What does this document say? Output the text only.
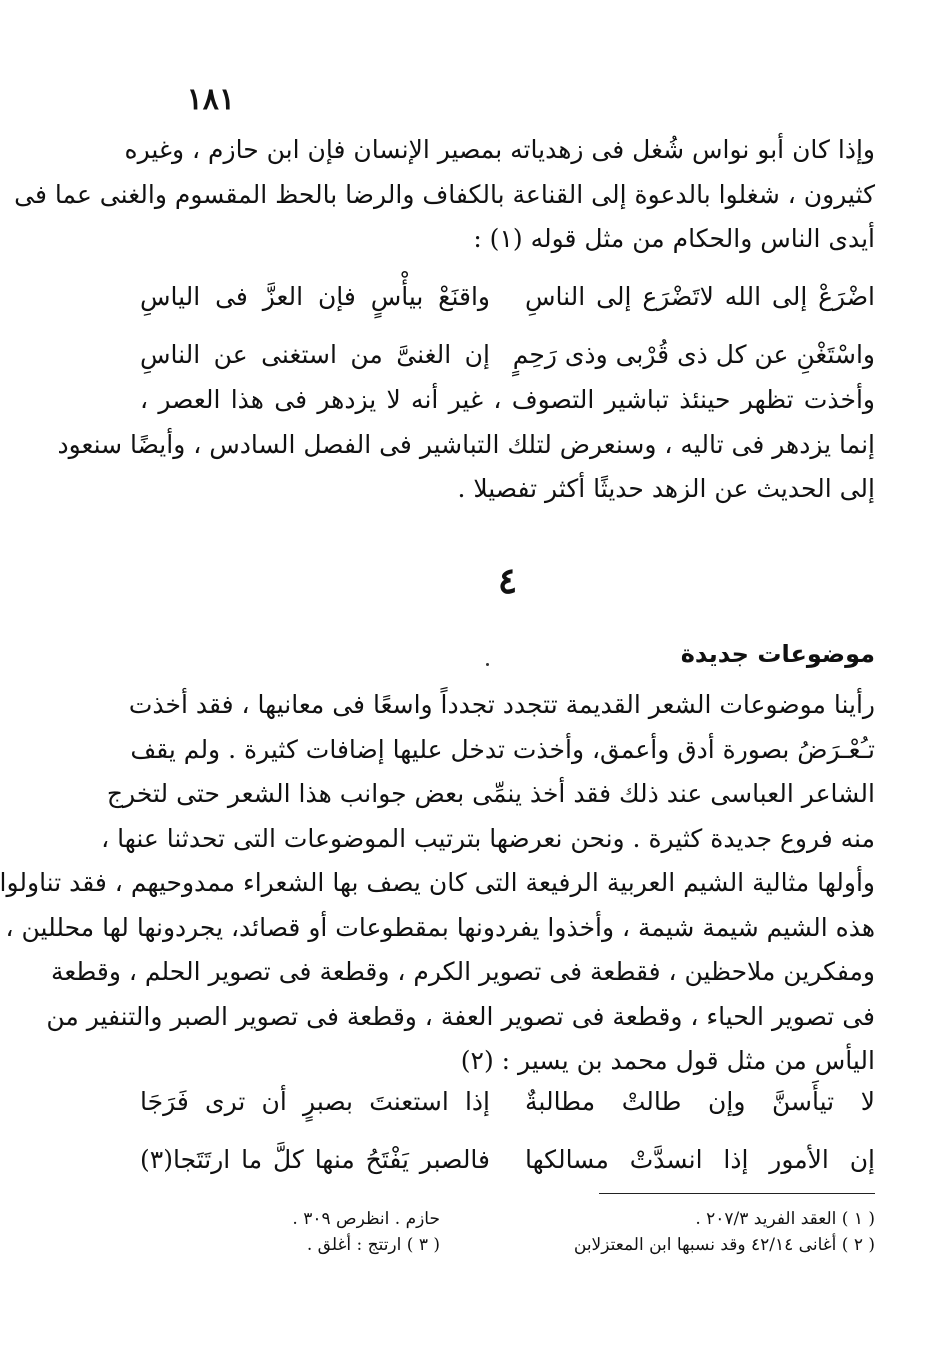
١٨١
وإذا كان أبو نواس شُغل فى زهدياته بمصير الإنسان فإن ابن حازم ، وغيره
كثيرون ، شغلوا بالدعوة إلى القناعة بالكفاف والرضا بالحظ المقسوم والغنى عما فى
أيدى الناس والحكام من مثل قوله (١) :
اضْرَعْ إلى الله لاتَضْرَع إلى الناسِ
واقنَعْ بيأْسٍ فإن العزَّ فى الياسِ
واسْتَغْنِ عن كل ذى قُرْبى وذى رَحِمٍ
إن الغنىَّ من استغنى عن الناسِ
وأخذت تظهر حينئذ تباشير التصوف ، غير أنه لا يزدهر فى هذا العصر ،
إنما يزدهر فى تاليه ، وسنعرض لتلك التباشير فى الفصل السادس ، وأيضًا سنعود
إلى الحديث عن الزهد حديثًا أكثر تفصيلا .
٤
موضوعات جديدة
رأينا موضوعات الشعر القديمة تتجدد تجدداً واسعًا فى معانيها ، فقد أخذت
تـُعْـرَضُ بصورة أدق وأعمق، وأخذت تدخل عليها إضافات كثيرة . ولم يقف
الشاعر العباسى عند ذلك فقد أخذ ينمِّى بعض جوانب هذا الشعر حتى لتخرج
منه فروع جديدة كثيرة . ونحن نعرضها بترتيب الموضوعات التى تحدثنا عنها ،
وأولها مثالية الشيم العربية الرفيعة التى كان يصف بها الشعراء ممدوحيهم ، فقد تناولوا
هذه الشيم شيمة شيمة ، وأخذوا يفردونها بمقطوعات أو قصائد، يجردونها لها محللين ،
ومفكرين ملاحظين ، فقطعة فى تصوير الكرم ، وقطعة فى تصوير الحلم ، وقطعة
فى تصوير الحياء ، وقطعة فى تصوير العفة ، وقطعة فى تصوير الصبر والتنفير من
اليأس من مثل قول محمد بن يسير : (٢)
لا تيأَسنَّ وإن طالتْ مطالبةٌ
إذا استعنتَ بصبرٍ أن ترى فَرَجَا
إن الأمور إذا انسدَّتْ مسالكها
فالصبر يَفْتَحُ منها كلَّ ما ارتَتَجا(٣)
( ١ ) العقد الفريد ٢٠٧/٣ .
حازم . انظرص ٣٠٩ .
( ٢ ) أغانى ٤٢/١٤ وقد نسبها ابن المعتزلابن
( ٣ ) ارتتج : أغلق .
